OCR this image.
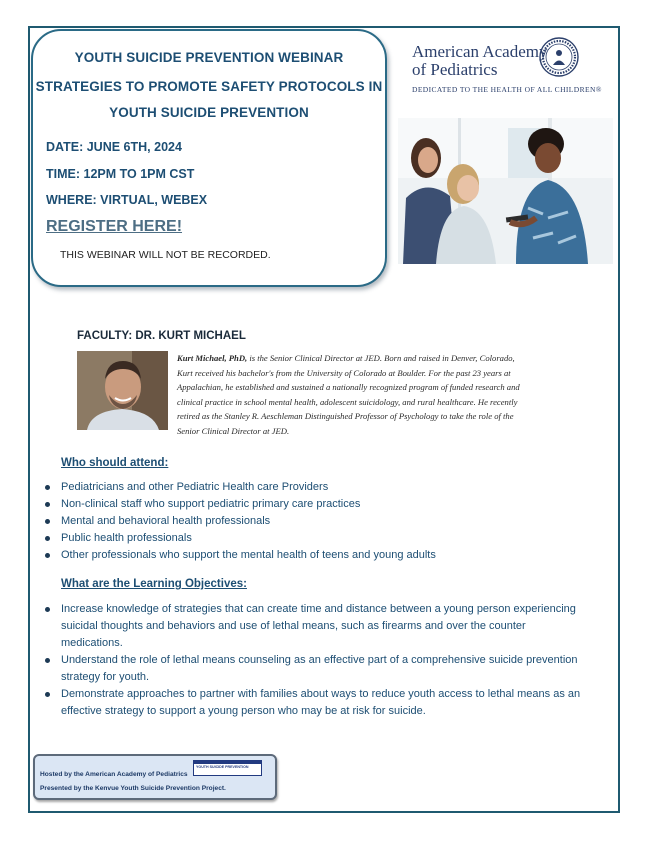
YOUTH SUICIDE PREVENTION WEBINAR
STRATEGIES TO PROMOTE SAFETY PROTOCOLS IN
YOUTH SUICIDE PREVENTION
DATE: JUNE 6TH, 2024
TIME: 12PM TO 1PM CST
WHERE: VIRTUAL, WEBEX
REGISTER HERE!
THIS WEBINAR WILL NOT BE RECORDED.
American Academy
of Pediatrics
DEDICATED TO THE HEALTH OF ALL CHILDREN®
FACULTY: DR. KURT MICHAEL
Kurt Michael, PhD, is the Senior Clinical Director at JED. Born and raised in Denver, Colorado, Kurt received his bachelor's from the University of Colorado at Boulder. For the past 23 years at Appalachian, he established and sustained a nationally recognized program of funded research and clinical practice in school mental health, adolescent suicidology, and rural healthcare. He recently retired as the Stanley R. Aeschleman Distinguished Professor of Psychology to take the role of the Senior Clinical Director at JED.
Who should attend:
Pediatricians and other Pediatric Health care Providers
Non-clinical staff who support pediatric primary care practices
Mental and behavioral health professionals
Public health professionals
Other professionals who support the mental health of teens and young adults
What are the Learning Objectives:
Increase knowledge of strategies that can create time and distance between a young person experiencing suicidal thoughts and behaviors and use of lethal means, such as firearms and over the counter medications.
Understand the role of lethal means counseling as an effective part of a comprehensive suicide prevention strategy for youth.
Demonstrate approaches to partner with families about ways to reduce youth access to lethal means as an effective strategy to support a young person who may be at risk for suicide.
Hosted by the American Academy of Pediatrics
Presented by the Kenvue Youth Suicide Prevention Project.
YOUTH SUICIDE PREVENTION
